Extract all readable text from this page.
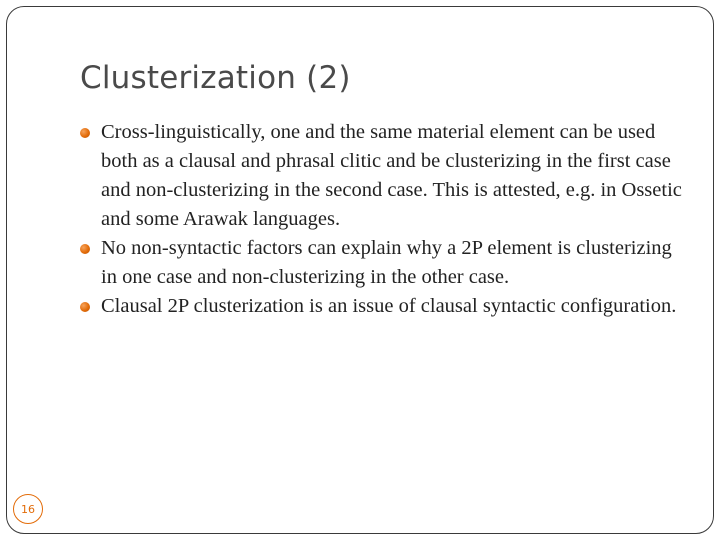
Clusterization (2)
Cross-linguistically, one and the same material element can be used both as a clausal and phrasal clitic and be clusterizing in the first case and non-clusterizing in the second case. This is attested, e.g. in Ossetic and some Arawak languages.
No non-syntactic factors can explain why a 2P element is clusterizing in one case and non-clusterizing in the other case.
Clausal 2P clusterization is an issue of clausal syntactic configuration.
16
